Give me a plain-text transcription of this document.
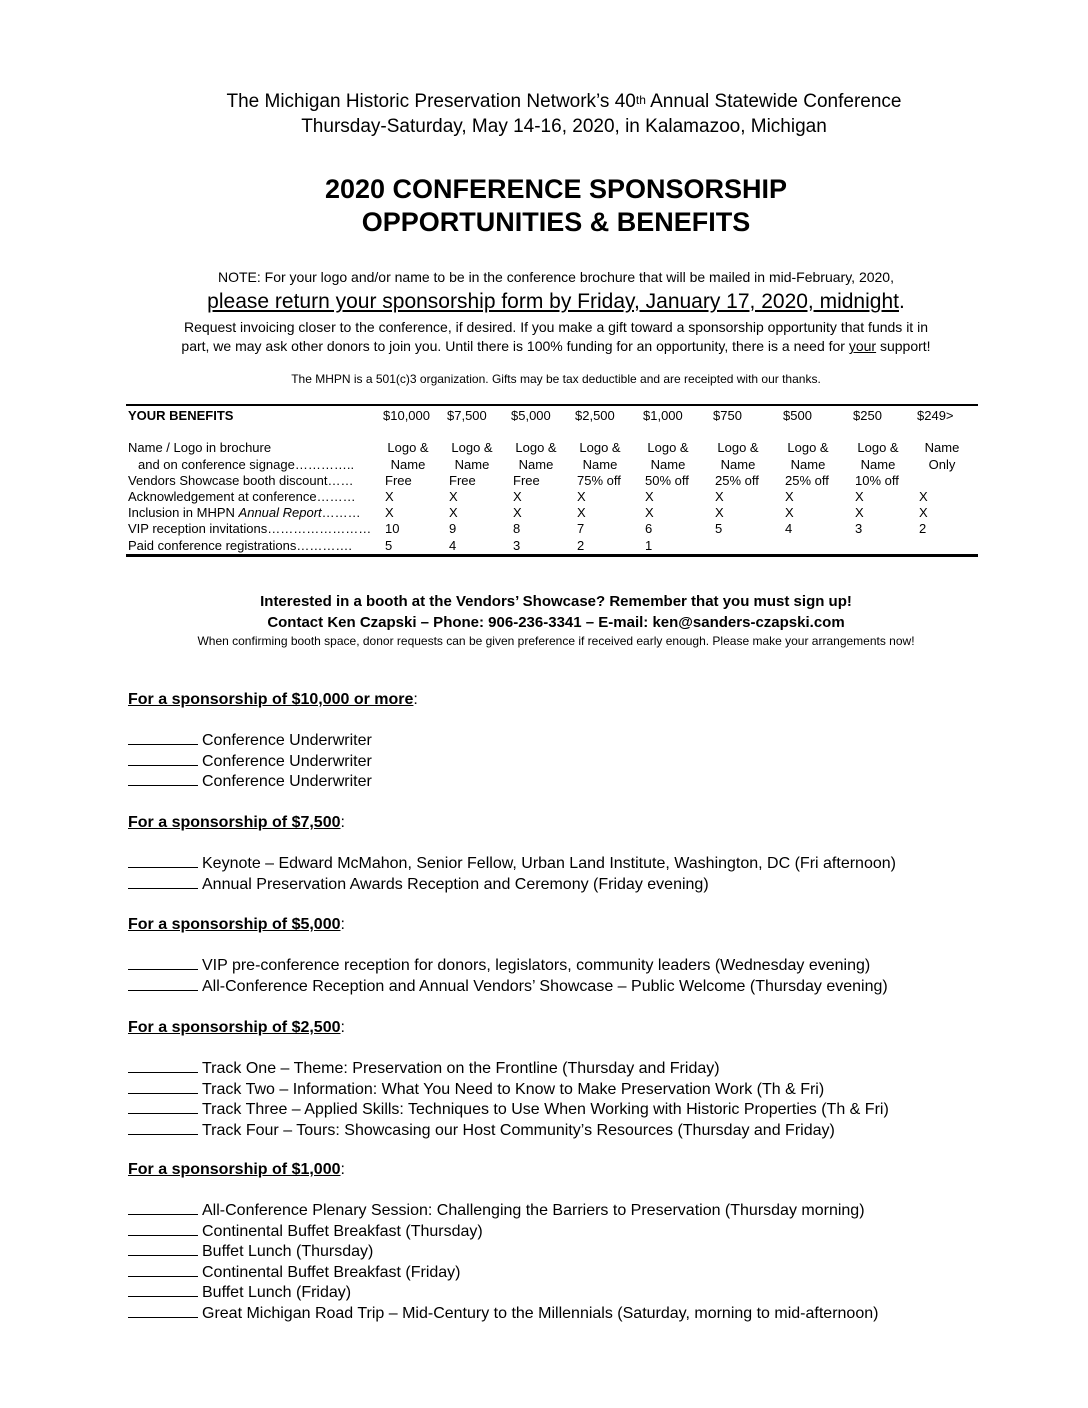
The Michigan Historic Preservation Network’s 40th Annual Statewide Conference
Thursday-Saturday, May 14-16, 2020, in Kalamazoo, Michigan
2020 CONFERENCE SPONSORSHIP
OPPORTUNITIES & BENEFITS
NOTE: For your logo and/or name to be in the conference brochure that will be mailed in mid-February, 2020,
please return your sponsorship form by Friday, January 17, 2020, midnight.
Request invoicing closer to the conference, if desired. If you make a gift toward a sponsorship opportunity that funds it in
part, we may ask other donors to join you. Until there is 100% funding for an opportunity, there is a need for your support!
The MHPN is a 501(c)3 organization. Gifts may be tax deductible and are receipted with our thanks.
YOUR BENEFITS	$10,000	$7,500	$5,000	$2,500	$1,000	$750	$500	$250	$249>
Name / Logo in brochure	Logo &	Logo &	Logo &	Logo &	Logo &	Logo &	Logo &	Logo &	Name
and on conference signage…………..	Name	Name	Name	Name	Name	Name	Name	Name	Only
Vendors Showcase booth discount…… Free	Free	Free	75% off	50% off	25% off	25% off	10% off
Acknowledgement at conference……… X	X	X	X	X	X	X	X	X
Inclusion in MHPN Annual Report……… X	X	X	X	X	X	X	X	X
VIP reception invitations…………………… 10	9	8	7	6	5	4	3	2
Paid conference registrations………….	5	4	3	2	1
Interested in a booth at the Vendors’ Showcase? Remember that you must sign up!
Contact Ken Czapski – Phone: 906-236-3341 – E-mail: ken@sanders-czapski.com
When confirming booth space, donor requests can be given preference if received early enough. Please make your arrangements now!
For a sponsorship of $10,000 or more:
Conference Underwriter
Conference Underwriter
Conference Underwriter
For a sponsorship of $7,500:
Keynote – Edward McMahon, Senior Fellow, Urban Land Institute, Washington, DC (Fri afternoon)
Annual Preservation Awards Reception and Ceremony (Friday evening)
For a sponsorship of $5,000:
VIP pre-conference reception for donors, legislators, community leaders (Wednesday evening)
All-Conference Reception and Annual Vendors’ Showcase – Public Welcome (Thursday evening)
For a sponsorship of $2,500:
Track One – Theme: Preservation on the Frontline (Thursday and Friday)
Track Two – Information: What You Need to Know to Make Preservation Work (Th & Fri)
Track Three – Applied Skills: Techniques to Use When Working with Historic Properties (Th & Fri)
Track Four – Tours: Showcasing our Host Community’s Resources (Thursday and Friday)
For a sponsorship of $1,000:
All-Conference Plenary Session: Challenging the Barriers to Preservation (Thursday morning)
Continental Buffet Breakfast (Thursday)
Buffet Lunch (Thursday)
Continental Buffet Breakfast (Friday)
Buffet Lunch (Friday)
Great Michigan Road Trip – Mid-Century to the Millennials (Saturday, morning to mid-afternoon)
